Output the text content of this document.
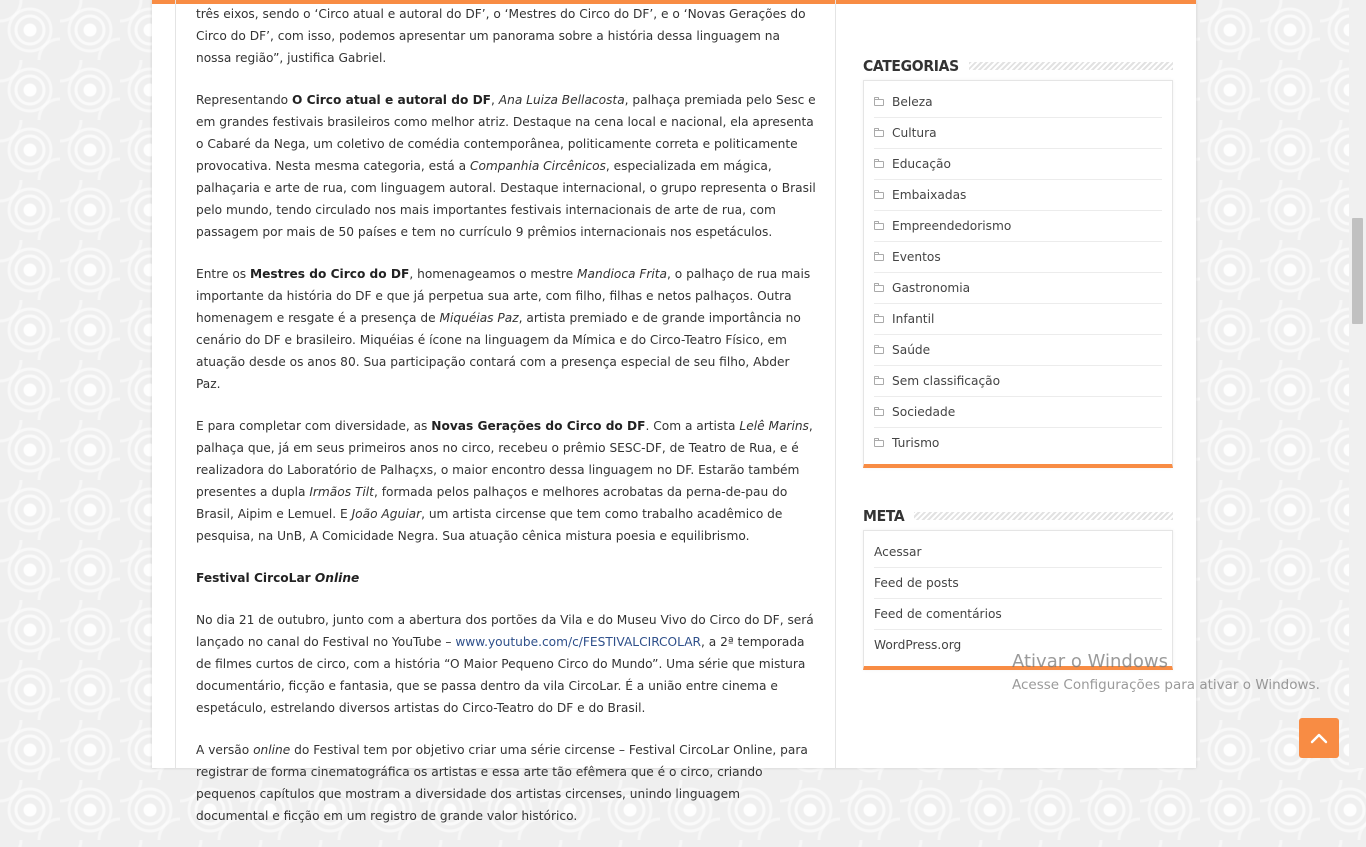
três eixos, sendo o ‘Circo atual e autoral do DF’, o ‘Mestres do Circo do DF’, e o ‘Novas Gerações do Circo do DF’, com isso, podemos apresentar um panorama sobre a história dessa linguagem na nossa região”, justifica Gabriel.

Representando O Circo atual e autoral do DF, Ana Luiza Bellacosta, palhaça premiada pelo Sesc e em grandes festivais brasileiros como melhor atriz. Destaque na cena local e nacional, ela apresenta o Cabaré da Nega, um coletivo de comédia contemporânea, politicamente correta e politicamente provocativa. Nesta mesma categoria, está a Companhia Circênicos, especializada em mágica, palhaçaria e arte de rua, com linguagem autoral. Destaque internacional, o grupo representa o Brasil pelo mundo, tendo circulado nos mais importantes festivais internacionais de arte de rua, com passagem por mais de 50 países e tem no currículo 9 prêmios internacionais nos espetáculos.

Entre os Mestres do Circo do DF, homenageamos o mestre Mandioca Frita, o palhaço de rua mais importante da história do DF e que já perpetua sua arte, com filho, filhas e netos palhaços. Outra homenagem e resgate é a presença de Miquéias Paz, artista premiado e de grande importância no cenário do DF e brasileiro. Miquéias é ícone na linguagem da Mímica e do Circo-Teatro Físico, em atuação desde os anos 80. Sua participação contará com a presença especial de seu filho, Abder Paz.

E para completar com diversidade, as Novas Gerações do Circo do DF. Com a artista Lelê Marins, palhaça que, já em seus primeiros anos no circo, recebeu o prêmio SESC-DF, de Teatro de Rua, e é realizadora do Laboratório de Palhaçxs, o maior encontro dessa linguagem no DF. Estarão também presentes a dupla Irmãos Tilt, formada pelos palhaços e melhores acrobatas da perna-de-pau do Brasil, Aipim e Lemuel. E João Aguiar, um artista circense que tem como trabalho acadêmico de pesquisa, na UnB, A Comicidade Negra. Sua atuação cênica mistura poesia e equilibrismo.

Festival CircoLar Online

No dia 21 de outubro, junto com a abertura dos portões da Vila e do Museu Vivo do Circo do DF, será lançado no canal do Festival no YouTube – www.youtube.com/c/FESTIVALCIRCOLAR, a 2ª temporada de filmes curtos de circo, com a história “O Maior Pequeno Circo do Mundo”. Uma série que mistura documentário, ficção e fantasia, que se passa dentro da vila CircoLar. É a união entre cinema e espetáculo, estrelando diversos artistas do Circo-Teatro do DF e do Brasil.

A versão online do Festival tem por objetivo criar uma série circense – Festival CircoLar Online, para registrar de forma cinematográfica os artistas e essa arte tão efêmera que é o circo, criando pequenos capítulos que mostram a diversidade dos artistas circenses, unindo linguagem documental e ficção em um registro de grande valor histórico.

CATEGORIAS
Beleza
Cultura
Educação
Embaixadas
Empreendedorismo
Eventos
Gastronomia
Infantil
Saúde
Sem classificação
Sociedade
Turismo
META
Acessar
Feed de posts
Feed de comentários
WordPress.org
Ativar o Windows
Acesse Configurações para ativar o Windows.
